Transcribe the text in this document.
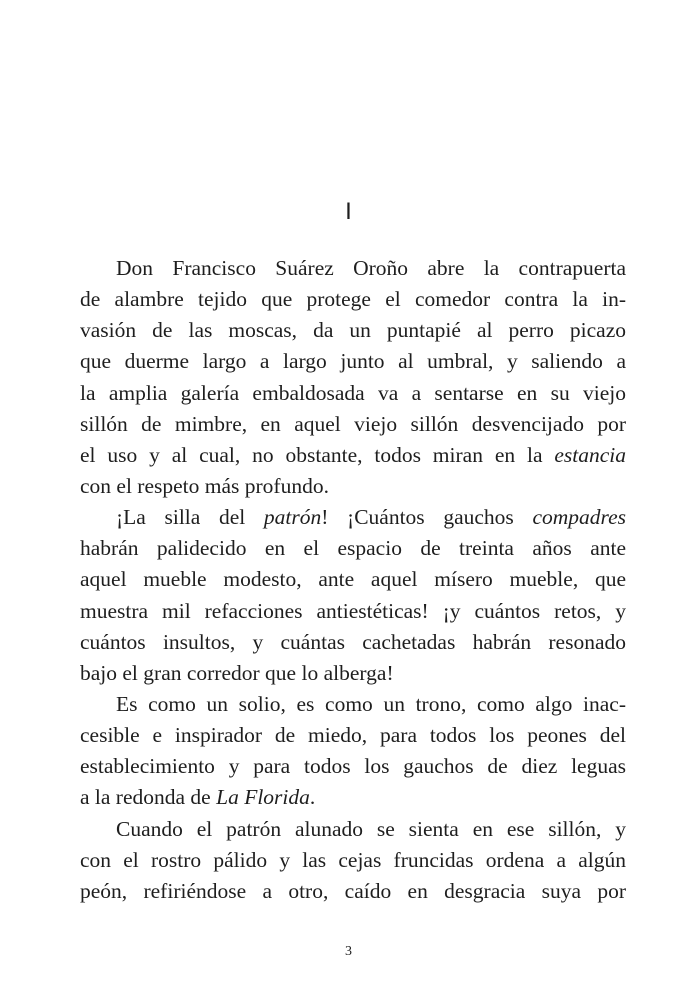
I
Don Francisco Suárez Oroño abre la contrapuerta
de alambre tejido que protege el comedor contra la in-
vasión de las moscas, da un puntapié al perro picazo
que duerme largo a largo junto al umbral, y saliendo a
la amplia galería embaldosada va a sentarse en su viejo
sillón de mimbre, en aquel viejo sillón desvencijado por
el uso y al cual, no obstante, todos miran en la estancia
con el respeto más profundo.
¡La silla del patrón! ¡Cuántos gauchos compadres
habrán palidecido en el espacio de treinta años ante
aquel mueble modesto, ante aquel mísero mueble, que
muestra mil refacciones antiestéticas! ¡y cuántos retos, y
cuántos insultos, y cuántas cachetadas habrán resonado
bajo el gran corredor que lo alberga!
Es como un solio, es como un trono, como algo inac-
cesible e inspirador de miedo, para todos los peones del
establecimiento y para todos los gauchos de diez leguas
a la redonda de La Florida.
Cuando el patrón alunado se sienta en ese sillón, y
con el rostro pálido y las cejas fruncidas ordena a algún
peón, refiriéndose a otro, caído en desgracia suya por
3
